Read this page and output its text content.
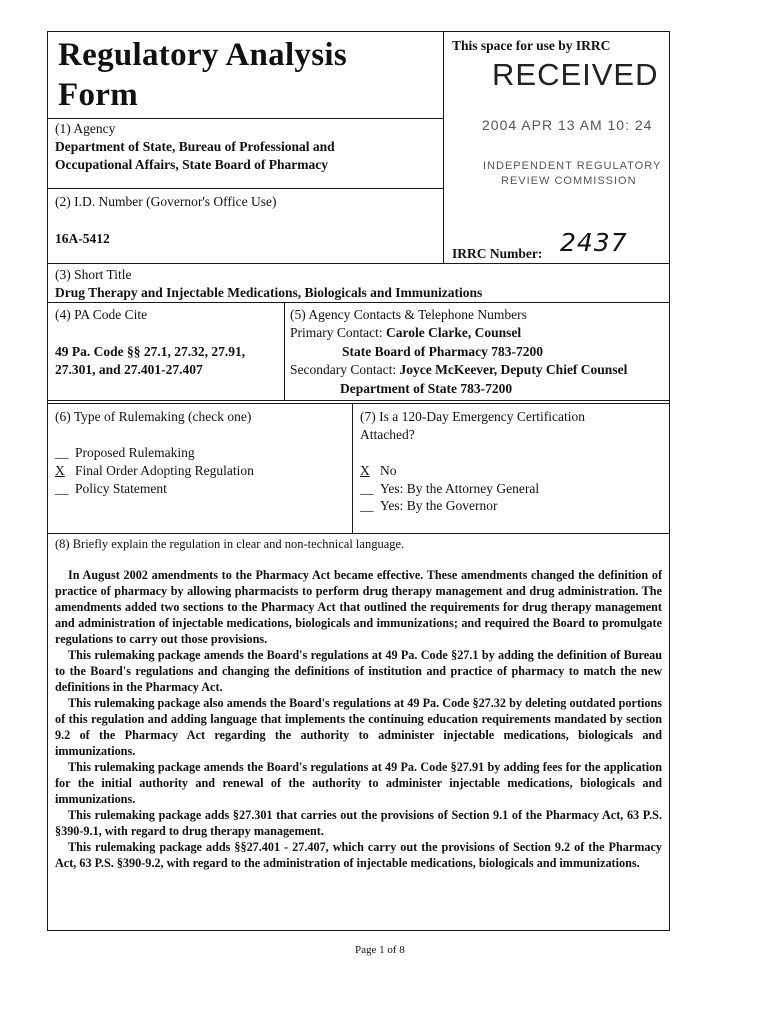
Regulatory Analysis
Form
This space for use by IRRC
RECEIVED
2004 APR 13 AM 10: 24
INDEPENDENT REGULATORY
REVIEW COMMISSION
(1) Agency
Department of State, Bureau of Professional and
Occupational Affairs, State Board of Pharmacy
(2) I.D. Number (Governor's Office Use)
16A-5412
IRRC Number: 2437
(3) Short Title
Drug Therapy and Injectable Medications, Biologicals and Immunizations
(4) PA Code Cite
49 Pa. Code §§ 27.1, 27.32, 27.91,
27.301, and 27.401-27.407
(5) Agency Contacts & Telephone Numbers
Primary Contact: Carole Clarke, Counsel
State Board of Pharmacy 783-7200
Secondary Contact: Joyce McKeever, Deputy Chief Counsel
Department of State 783-7200
(6) Type of Rulemaking (check one)
__ Proposed Rulemaking
X Final Order Adopting Regulation
__ Policy Statement
(7) Is a 120-Day Emergency Certification
Attached?
X No
__ Yes: By the Attorney General
__ Yes: By the Governor
(8) Briefly explain the regulation in clear and non-technical language.

In August 2002 amendments to the Pharmacy Act became effective. These amendments changed the definition of practice of pharmacy by allowing pharmacists to perform drug therapy management and drug administration. The amendments added two sections to the Pharmacy Act that outlined the requirements for drug therapy management and administration of injectable medications, biologicals and immunizations; and required the Board to promulgate regulations to carry out those provisions.

This rulemaking package amends the Board's regulations at 49 Pa. Code §27.1 by adding the definition of Bureau to the Board's regulations and changing the definitions of institution and practice of pharmacy to match the new definitions in the Pharmacy Act.

This rulemaking package also amends the Board's regulations at 49 Pa. Code §27.32 by deleting outdated portions of this regulation and adding language that implements the continuing education requirements mandated by section 9.2 of the Pharmacy Act regarding the authority to administer injectable medications, biologicals and immunizations.

This rulemaking package amends the Board's regulations at 49 Pa. Code §27.91 by adding fees for the application for the initial authority and renewal of the authority to administer injectable medications, biologicals and immunizations.

This rulemaking package adds §27.301 that carries out the provisions of Section 9.1 of the Pharmacy Act, 63 P.S. §390-9.1, with regard to drug therapy management.

This rulemaking package adds §§27.401 - 27.407, which carry out the provisions of Section 9.2 of the Pharmacy Act, 63 P.S. §390-9.2, with regard to the administration of injectable medications, biologicals and immunizations.

Page 1 of 8
